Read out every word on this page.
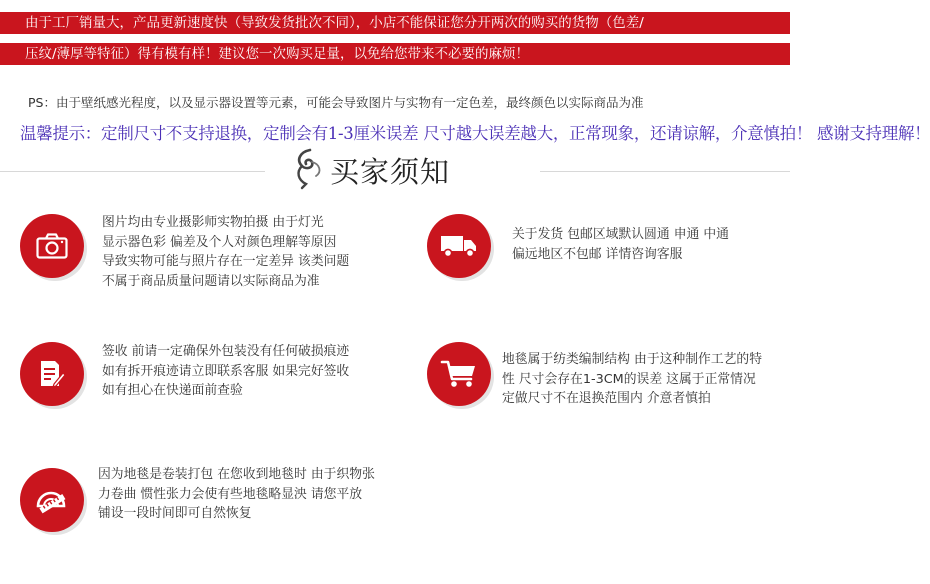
由于工厂销量大，产品更新速度快（导致发货批次不同），小店不能保证您分开两次的购买的货物（色差/
压纹/薄厚等特征）得有模有样！建议您一次购买足量，以免给您带来不必要的麻烦！
PS：由于壁纸感光程度，以及显示器设置等元素，可能会导致图片与实物有一定色差，最终颜色以实际商品为准
温馨提示：定制尺寸不支持退换，定制会有1-3厘米误差 尺寸越大误差越大，正常现象，还请谅解，介意慎拍！ 感谢支持理解！
买家须知
图片均由专业摄影师实物拍摄 由于灯光
显示器色彩 偏差及个人对颜色理解等原因
导致实物可能与照片存在一定差异 该类问题
不属于商品质量问题请以实际商品为准
关于发货 包邮区域默认圆通 申通 中通
偏远地区不包邮 详情咨询客服
签收 前请一定确保外包装没有任何破损痕迹
如有拆开痕迹请立即联系客服 如果完好签收
如有担心在快递面前查验
地毯属于纺类编制结构 由于这种制作工艺的特
性 尺寸会存在1-3CM的误差 这属于正常情况
定做尺寸不在退换范围内 介意者慎拍
因为地毯是卷装打包 在您收到地毯时 由于织物张
力卷曲 惯性张力会使有些地毯略显泱 请您平放
铺设一段时间即可自然恢复
